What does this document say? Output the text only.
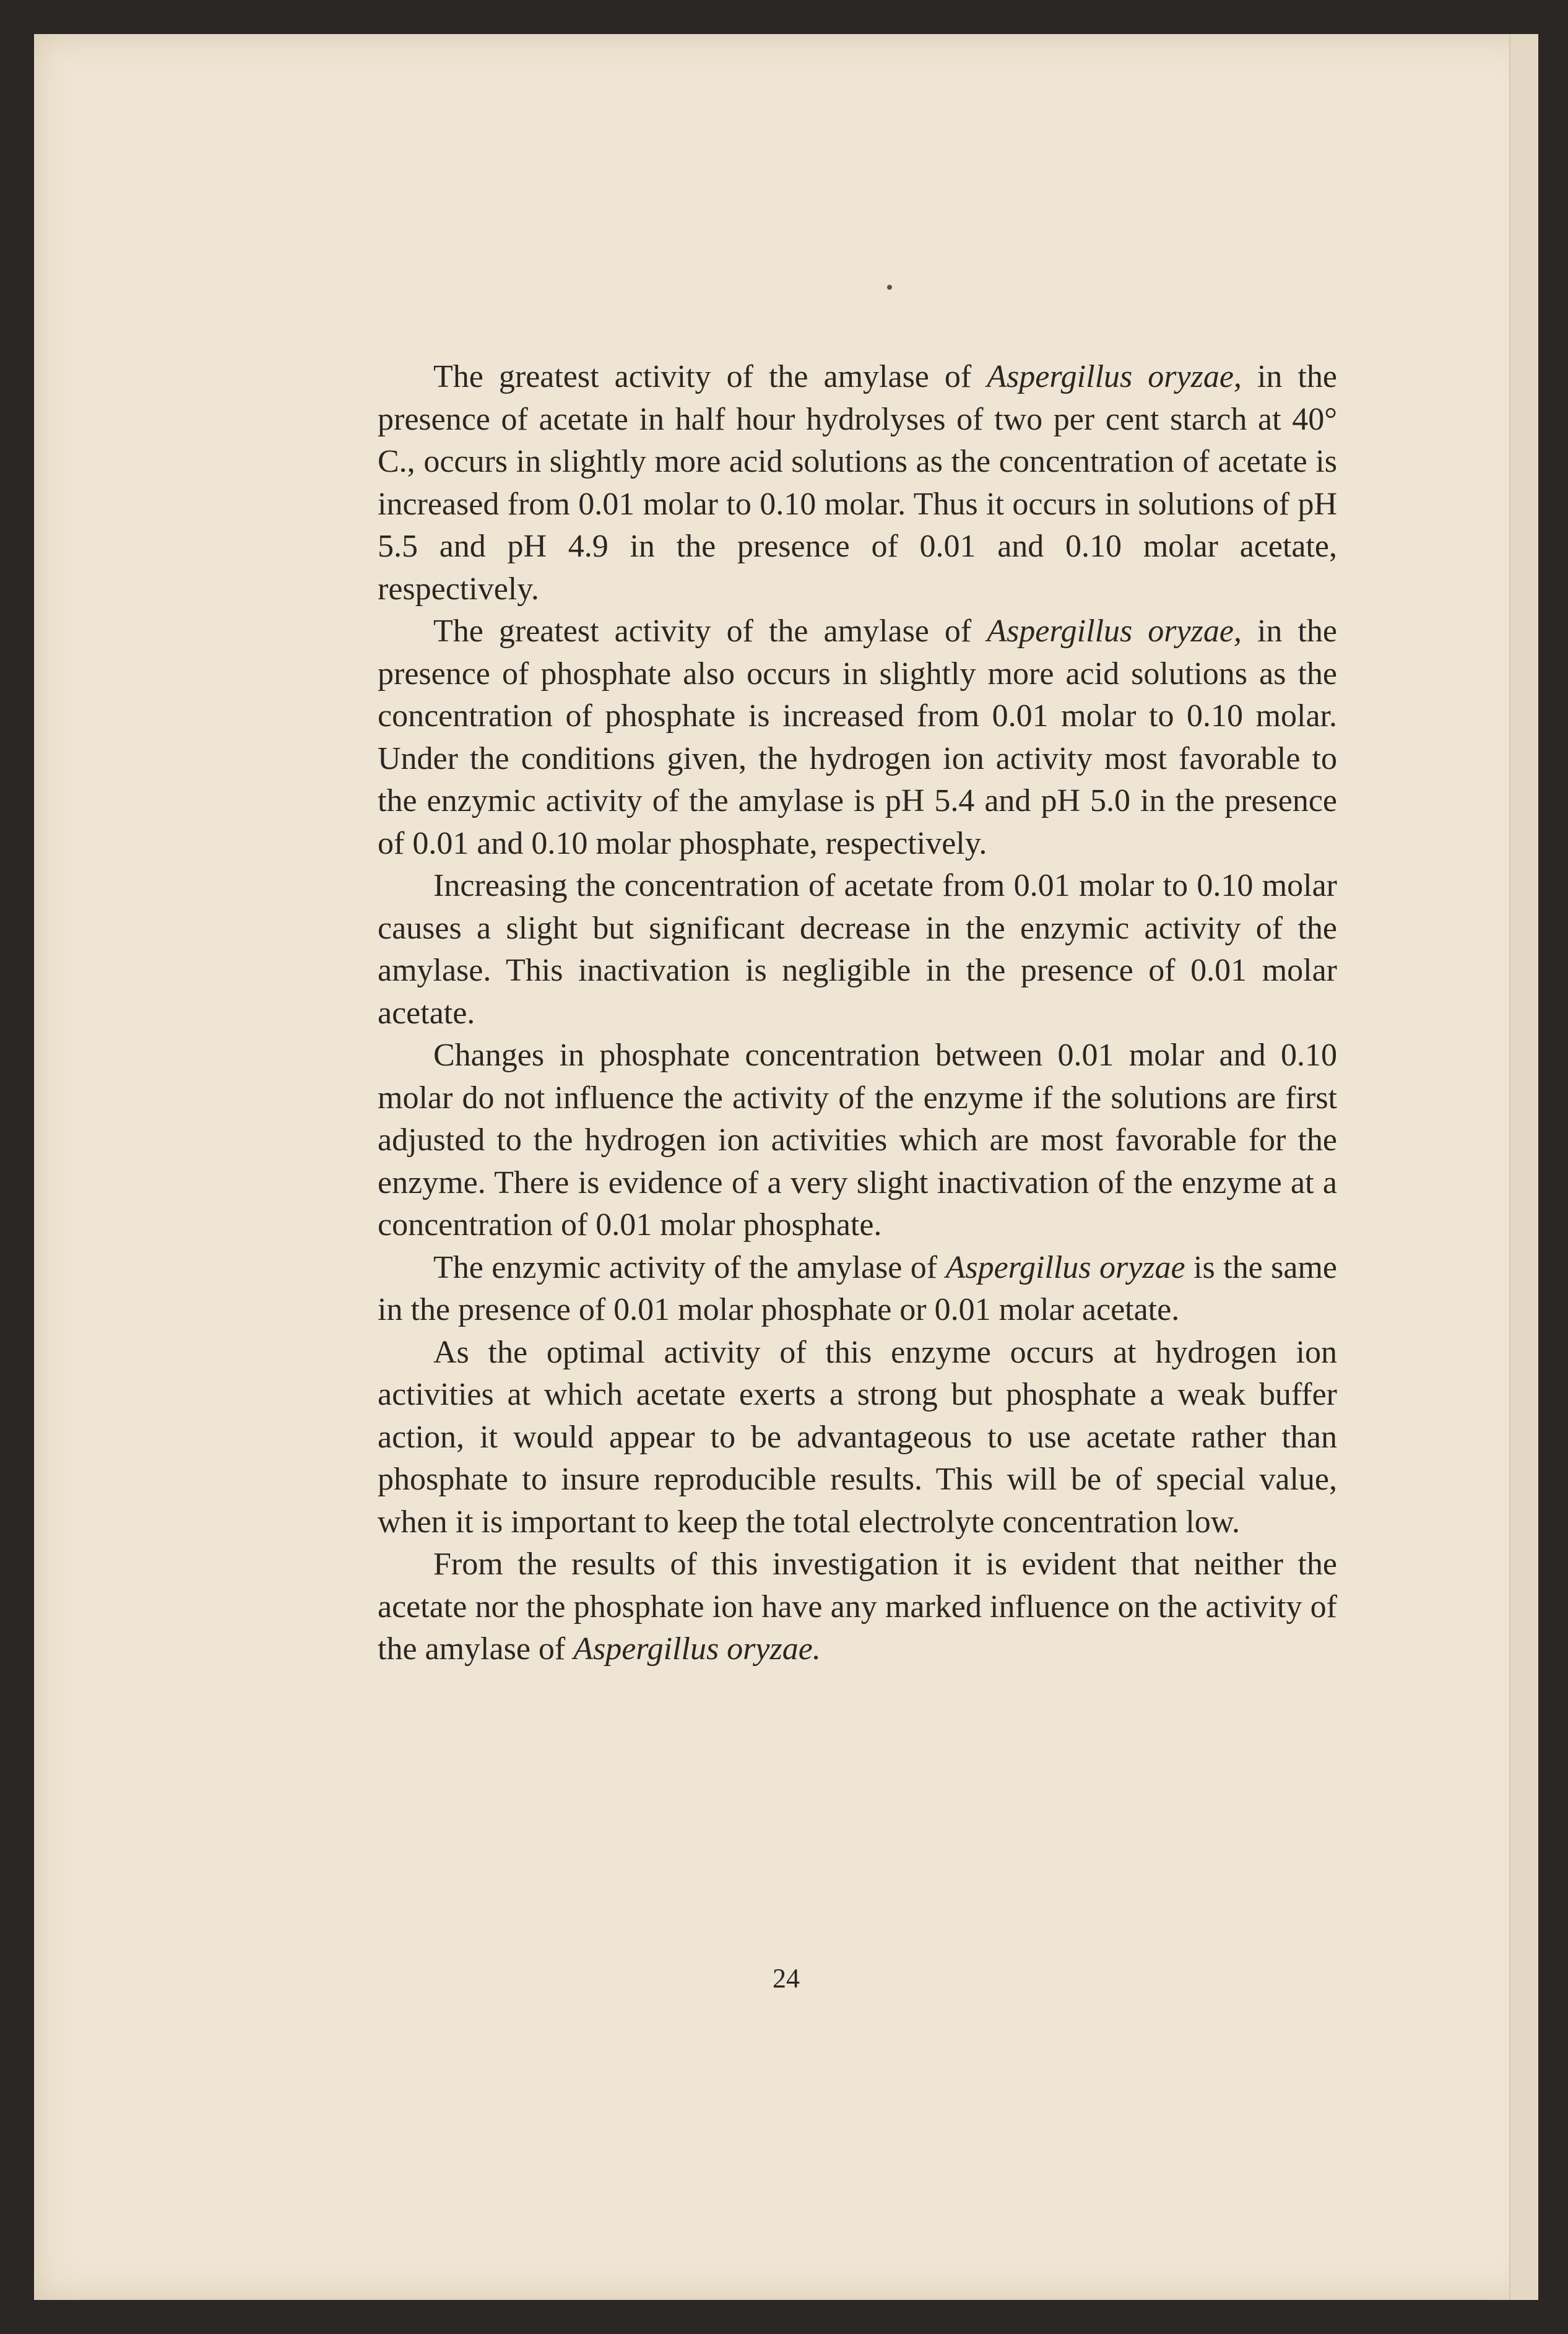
The greatest activity of the amylase of Aspergillus oryzae, in the presence of acetate in half hour hydrolyses of two per cent starch at 40° C., occurs in slightly more acid solutions as the concentration of acetate is increased from 0.01 molar to 0.10 molar. Thus it occurs in solutions of pH 5.5 and pH 4.9 in the presence of 0.01 and 0.10 molar acetate, respectively.

The greatest activity of the amylase of Aspergillus oryzae, in the presence of phosphate also occurs in slightly more acid solutions as the concentration of phosphate is increased from 0.01 molar to 0.10 molar. Under the conditions given, the hydrogen ion activity most favorable to the enzymic activity of the amylase is pH 5.4 and pH 5.0 in the presence of 0.01 and 0.10 molar phosphate, respectively.

Increasing the concentration of acetate from 0.01 molar to 0.10 molar causes a slight but significant decrease in the enzymic activity of the amylase. This inactivation is negligible in the presence of 0.01 molar acetate.

Changes in phosphate concentration between 0.01 molar and 0.10 molar do not influence the activity of the enzyme if the solutions are first adjusted to the hydrogen ion activities which are most favorable for the enzyme. There is evidence of a very slight inactivation of the enzyme at a concentration of 0.01 molar phosphate.

The enzymic activity of the amylase of Aspergillus oryzae is the same in the presence of 0.01 molar phosphate or 0.01 molar acetate.

As the optimal activity of this enzyme occurs at hydrogen ion activities at which acetate exerts a strong but phosphate a weak buffer action, it would appear to be advantageous to use acetate rather than phosphate to insure reproducible results. This will be of special value, when it is important to keep the total electrolyte concentration low.

From the results of this investigation it is evident that neither the acetate nor the phosphate ion have any marked influence on the activity of the amylase of Aspergillus oryzae.

24
